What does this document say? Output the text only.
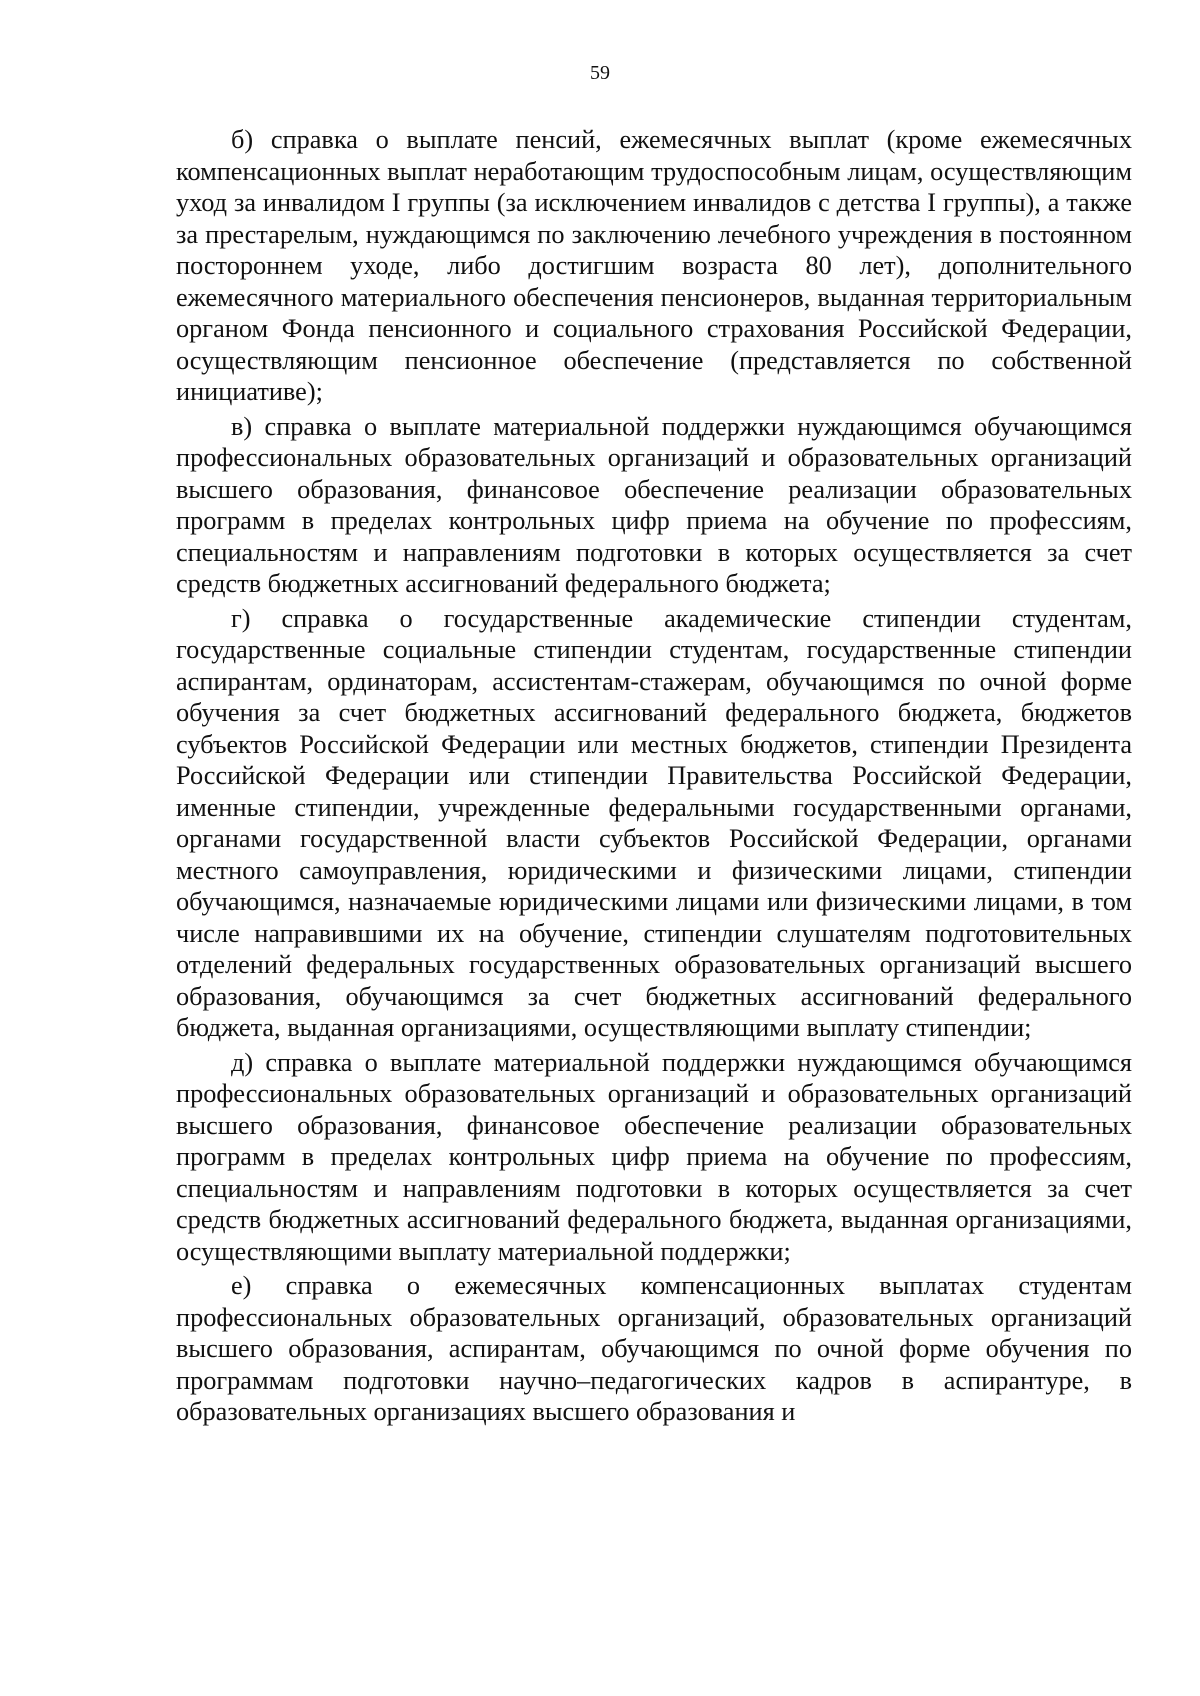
59

б) справка о выплате пенсий, ежемесячных выплат (кроме ежемесячных компенсационных выплат неработающим трудоспособным лицам, осуществляющим уход за инвалидом I группы (за исключением инвалидов с детства I группы), а также за престарелым, нуждающимся по заключению лечебного учреждения в постоянном постороннем уходе, либо достигшим возраста 80 лет), дополнительного ежемесячного материального обеспечения пенсионеров, выданная территориальным органом Фонда пенсионного и социального страхования Российской Федерации, осуществляющим пенсионное обеспечение (представляется по собственной инициативе);

в) справка о выплате материальной поддержки нуждающимся обучающимся профессиональных образовательных организаций и образовательных организаций высшего образования, финансовое обеспечение реализации образовательных программ в пределах контрольных цифр приема на обучение по профессиям, специальностям и направлениям подготовки в которых осуществляется за счет средств бюджетных ассигнований федерального бюджета;

г) справка о государственные академические стипендии студентам, государственные социальные стипендии студентам, государственные стипендии аспирантам, ординаторам, ассистентам-стажерам, обучающимся по очной форме обучения за счет бюджетных ассигнований федерального бюджета, бюджетов субъектов Российской Федерации или местных бюджетов, стипендии Президента Российской Федерации или стипендии Правительства Российской Федерации, именные стипендии, учрежденные федеральными государственными органами, органами государственной власти субъектов Российской Федерации, органами местного самоуправления, юридическими и физическими лицами, стипендии обучающимся, назначаемые юридическими лицами или физическими лицами, в том числе направившими их на обучение, стипендии слушателям подготовительных отделений федеральных государственных образовательных организаций высшего образования, обучающимся за счет бюджетных ассигнований федерального бюджета, выданная организациями, осуществляющими выплату стипендии;

д) справка о выплате материальной поддержки нуждающимся обучающимся профессиональных образовательных организаций и образовательных организаций высшего образования, финансовое обеспечение реализации образовательных программ в пределах контрольных цифр приема на обучение по профессиям, специальностям и направлениям подготовки в которых осуществляется за счет средств бюджетных ассигнований федерального бюджета, выданная организациями, осуществляющими выплату материальной поддержки;

е) справка о ежемесячных компенсационных выплатах студентам профессиональных образовательных организаций, образовательных организаций высшего образования, аспирантам, обучающимся по очной форме обучения по программам подготовки научно–педагогических кадров в аспирантуре, в образовательных организациях высшего образования и
